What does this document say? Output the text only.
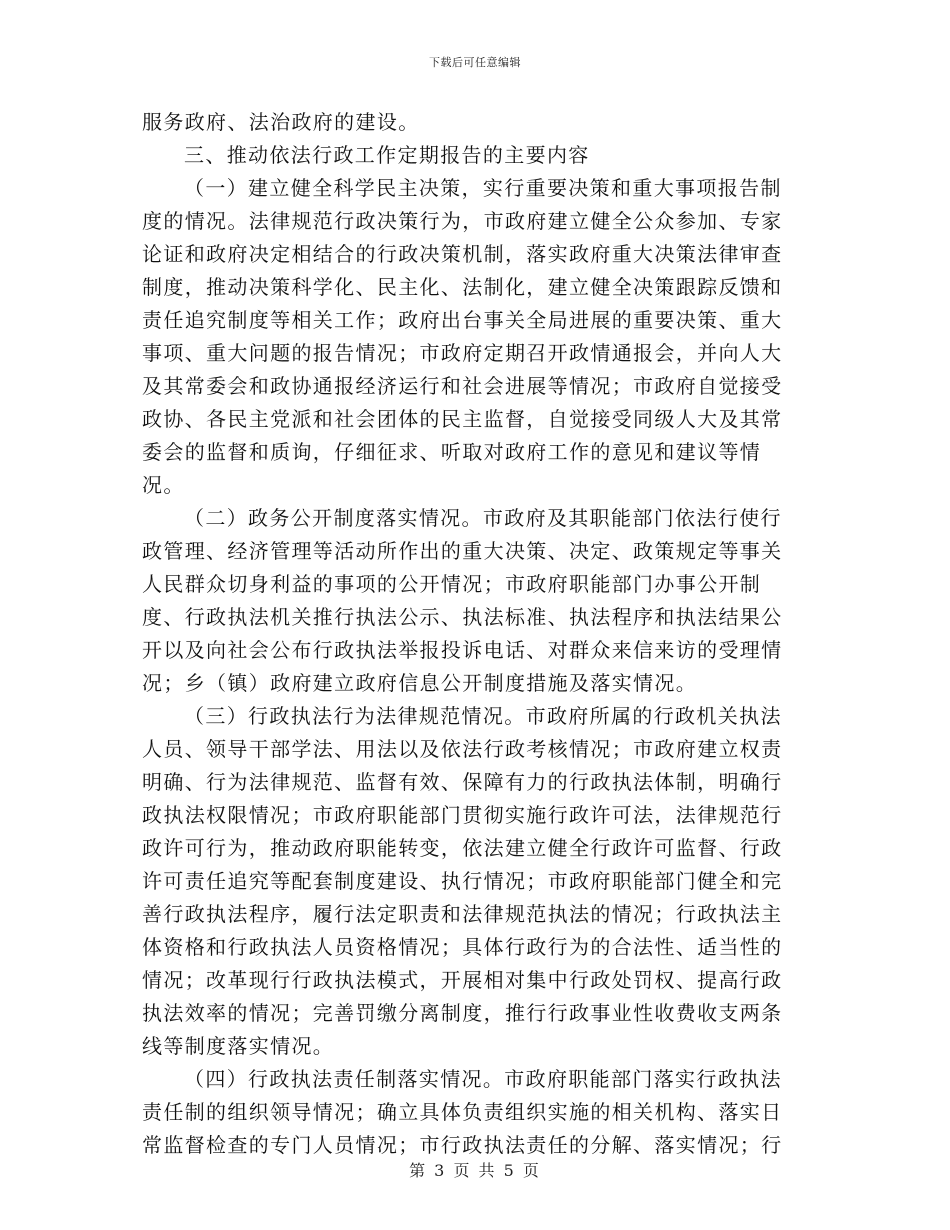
下载后可任意编辑

服务政府、法治政府的建设。

三、推动依法行政工作定期报告的主要内容

（一）建立健全科学民主决策，实行重要决策和重大事项报告制度的情况。法律规范行政决策行为，市政府建立健全公众参加、专家论证和政府决定相结合的行政决策机制，落实政府重大决策法律审查制度，推动决策科学化、民主化、法制化，建立健全决策跟踪反馈和责任追究制度等相关工作；政府出台事关全局进展的重要决策、重大事项、重大问题的报告情况；市政府定期召开政情通报会，并向人大及其常委会和政协通报经济运行和社会进展等情况；市政府自觉接受政协、各民主党派和社会团体的民主监督，自觉接受同级人大及其常委会的监督和质询，仔细征求、听取对政府工作的意见和建议等情况。

（二）政务公开制度落实情况。市政府及其职能部门依法行使行政管理、经济管理等活动所作出的重大决策、决定、政策规定等事关人民群众切身利益的事项的公开情况；市政府职能部门办事公开制度、行政执法机关推行执法公示、执法标准、执法程序和执法结果公开以及向社会公布行政执法举报投诉电话、对群众来信来访的受理情况；乡（镇）政府建立政府信息公开制度措施及落实情况。

（三）行政执法行为法律规范情况。市政府所属的行政机关执法人员、领导干部学法、用法以及依法行政考核情况；市政府建立权责明确、行为法律规范、监督有效、保障有力的行政执法体制，明确行政执法权限情况；市政府职能部门贯彻实施行政许可法，法律规范行政许可行为，推动政府职能转变，依法建立健全行政许可监督、行政许可责任追究等配套制度建设、执行情况；市政府职能部门健全和完善行政执法程序，履行法定职责和法律规范执法的情况；行政执法主体资格和行政执法人员资格情况；具体行政行为的合法性、适当性的情况；改革现行行政执法模式，开展相对集中行政处罚权、提高行政执法效率的情况；完善罚缴分离制度，推行行政事业性收费收支两条线等制度落实情况。

（四）行政执法责任制落实情况。市政府职能部门落实行政执法责任制的组织领导情况；确立具体负责组织实施的相关机构、落实日常监督检查的专门人员情况；市行政执法责任的分解、落实情况；行

第 3 页 共 5 页
